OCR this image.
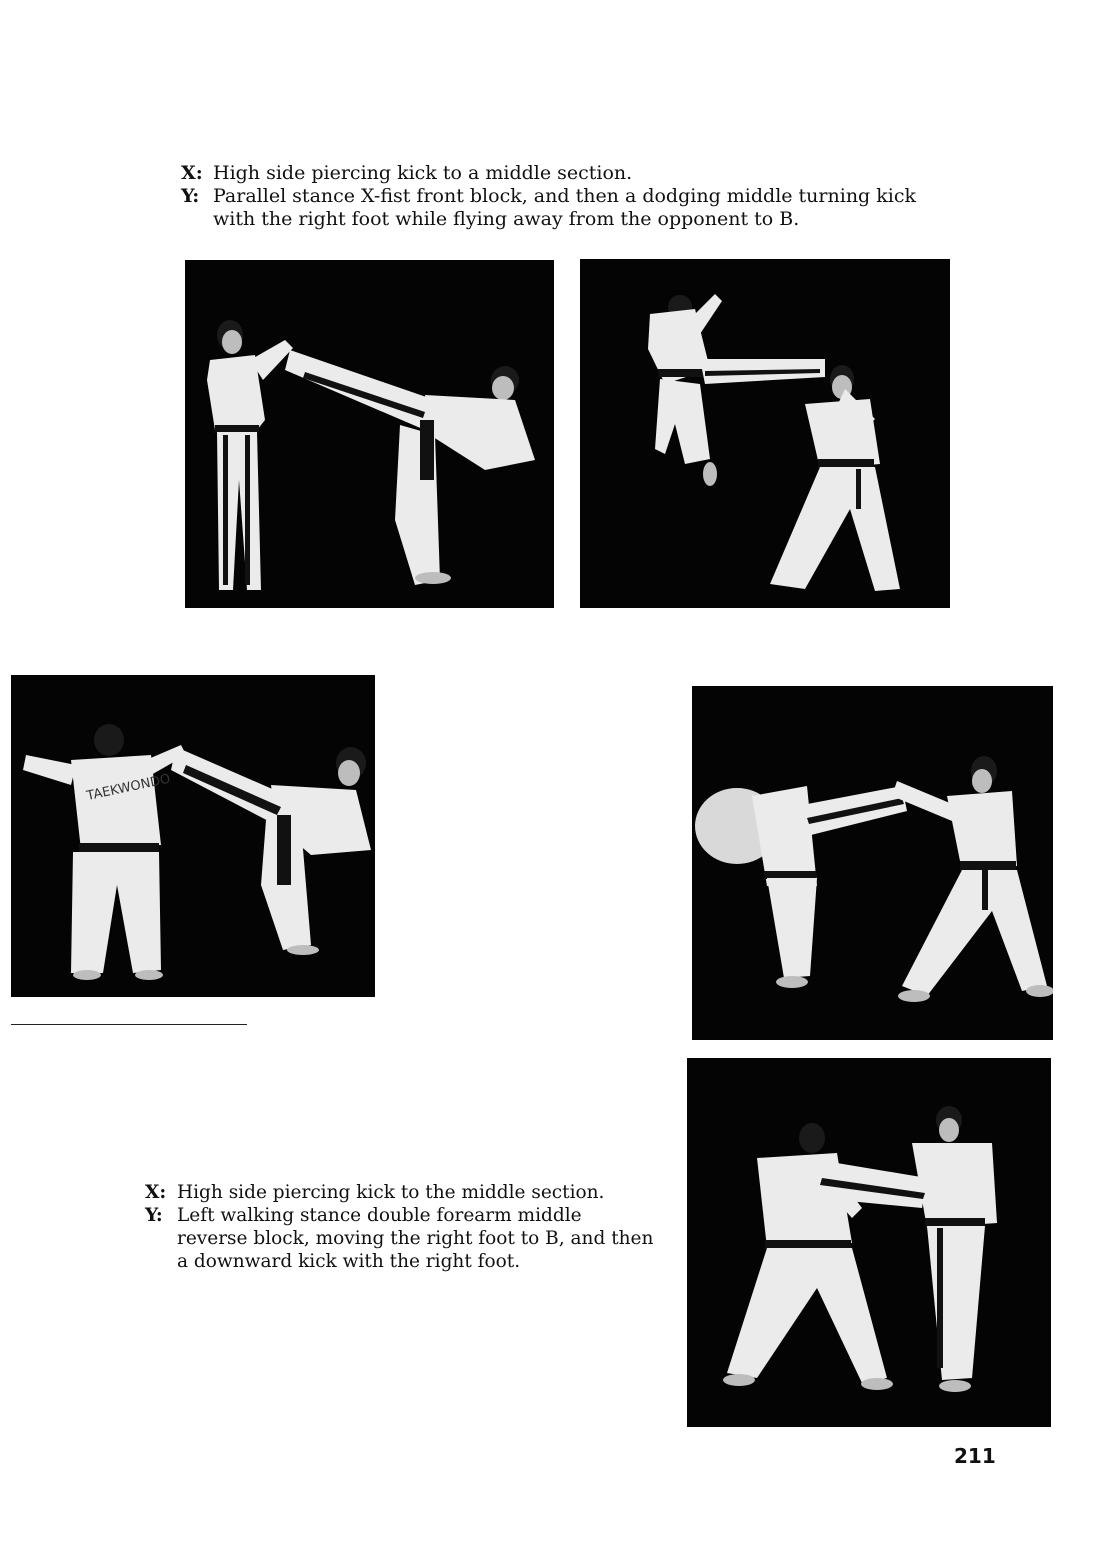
X: High side piercing kick to a middle section.
Y: Parallel stance X-fist front block, and then a dodging middle turning kick with the right foot while flying away from the opponent to B.
TAEKWONDO
X: High side piercing kick to the middle section.
Y: Left walking stance double forearm middle reverse block, moving the right foot to B, and then a downward kick with the right foot.
211
